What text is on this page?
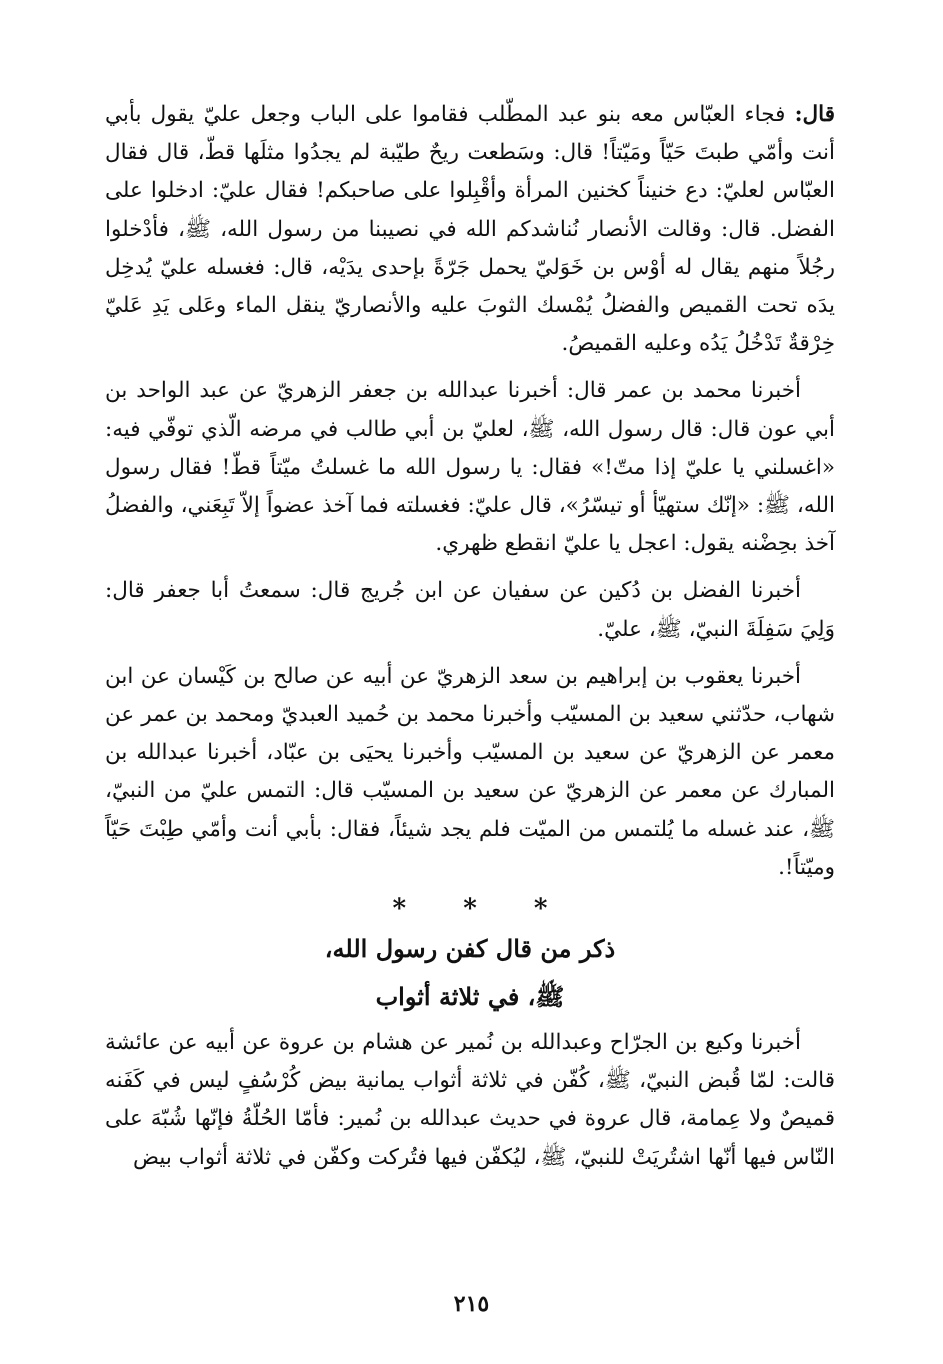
قال: فجاء العبّاس معه بنو عبد المطّلب فقاموا على الباب وجعل عليّ يقول بأبي أنت وأمّي طبتَ حَيّاً ومَيّتاً! قال: وسَطعت ريحٌ طيّبة لم يجدُوا مثلَها قطّ، قال فقال العبّاس لعليّ: دع خنيناً كخنين المرأة وأقْبِلوا على صاحبكم! فقال عليّ: ادخلوا على الفضل. قال: وقالت الأنصار نُناشدكم الله في نصيبنا من رسول الله، ﷺ، فأدْخلوا رجُلاً منهم يقال له أوْس بن خَوَليّ يحمل جَرّةً بإحدى يدَيْه، قال: فغسله عليّ يُدخِل يدَه تحت القميص والفضلُ يُمْسك الثوبَ عليه والأنصاريّ ينقل الماء وعَلى يَدِ عَليّ خِرْقةٌ تَدْخُلُ يَدُه وعليه القميصُ.

أخبرنا محمد بن عمر قال: أخبرنا عبدالله بن جعفر الزهريّ عن عبد الواحد بن أبي عون قال: قال رسول الله، ﷺ، لعليّ بن أبي طالب في مرضه الّذي توفّي فيه: «اغسلني يا عليّ إذا متّ!» فقال: يا رسول الله ما غسلتُ ميّتاً قطّ! فقال رسول الله، ﷺ: «إنّك ستهيّأ أو تيسّرُ»، قال عليّ: فغسلته فما آخذ عضواً إلاّ تَبِعَني، والفضلُ آخذ بحِضْنه يقول: اعجل يا عليّ انقطع ظهري.

أخبرنا الفضل بن دُكين عن سفيان عن ابن جُريج قال: سمعتُ أبا جعفر قال: وَلِيَ سَفِلَةَ النبيّ، ﷺ، عليّ.

أخبرنا يعقوب بن إبراهيم بن سعد الزهريّ عن أبيه عن صالح بن كَيْسان عن ابن شهاب، حدّثني سعيد بن المسيّب وأخبرنا محمد بن حُميد العبديّ ومحمد بن عمر عن معمر عن الزهريّ عن سعيد بن المسيّب وأخبرنا يحيَى بن عبّاد، أخبرنا عبدالله بن المبارك عن معمر عن الزهريّ عن سعيد بن المسيّب قال: التمس عليّ من النبيّ، ﷺ، عند غسله ما يُلتمس من الميّت فلم يجد شيئاً، فقال: بأبي أنت وأمّي طِبْتَ حَيّاً وميّتاً!.

* * *
ذكر من قال كفن رسول الله،
ﷺ، في ثلاثة أثواب

أخبرنا وكيع بن الجرّاح وعبدالله بن نُمير عن هشام بن عروة عن أبيه عن عائشة قالت: لمّا قُبض النبيّ، ﷺ، كُفّن في ثلاثة أثواب يمانية بيض كُرْسُفٍ ليس في كَفَنه قميصٌ ولا عِمامة، قال عروة في حديث عبدالله بن نُمير: فأمّا الحُلّةُ فإنّها شُبّهَ على النّاس فيها أنّها اشتُريَتْ للنبيّ، ﷺ، ليُكفّن فيها فتُركت وكفّن في ثلاثة أثواب بيض

٢١٥
